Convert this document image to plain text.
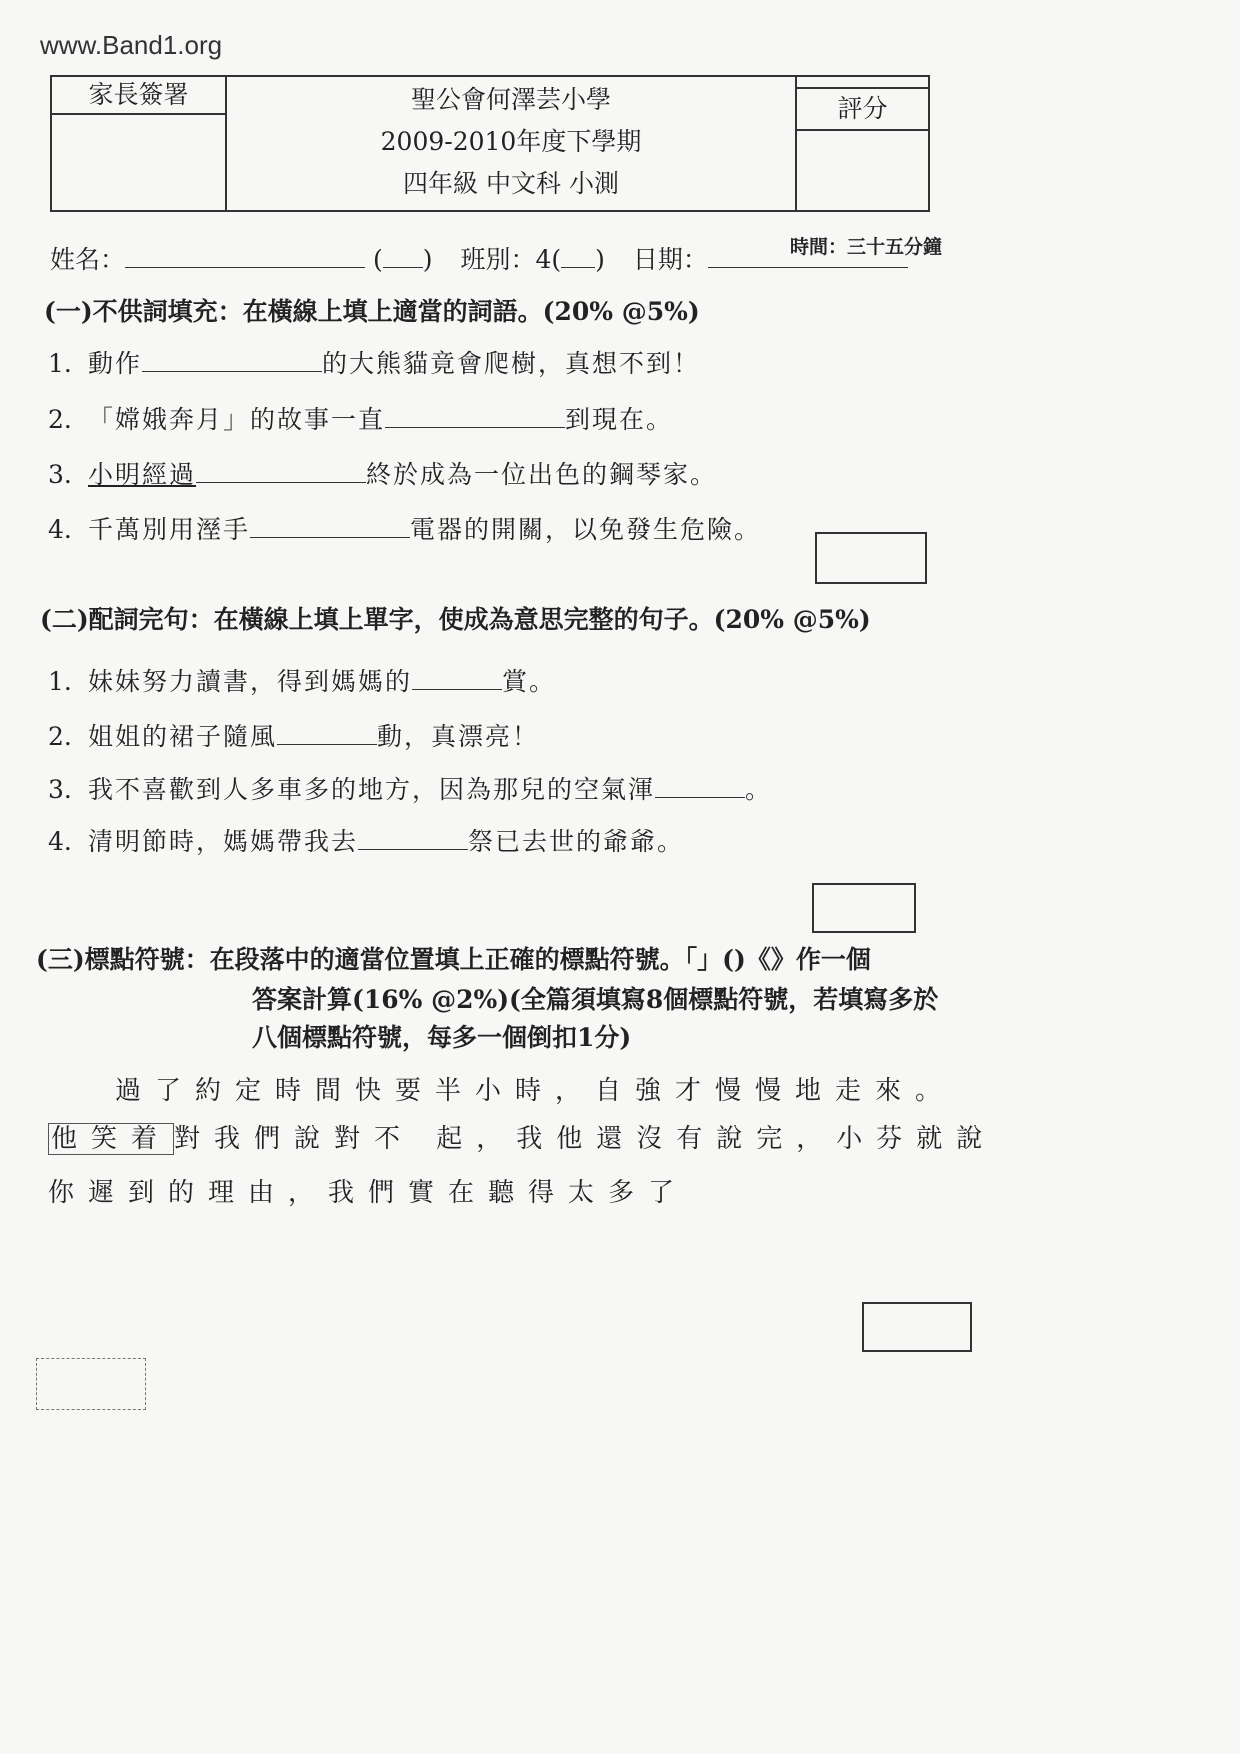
www.Band1.org
家長簽署	聖公會何澤芸小學
2009-2010年度下學期
四年級 中文科 小測
評分
時間：三十五分鐘
姓名：	( ) 班別：4( ) 日期：
(一)不供詞填充：在橫線上填上適當的詞語。(20% @5%)
1. 動作	的大熊貓竟會爬樹，真想不到！
2. 「嫦娥奔月」的故事一直	到現在。
3. 小明經過	終於成為一位出色的鋼琴家。
4. 千萬別用溼手	電器的開關，以免發生危險。
(二)配詞完句：在橫線上填上單字，使成為意思完整的句子。(20% @5%)
1. 妹妹努力讀書，得到媽媽的	賞。
2. 姐姐的裙子隨風	動，真漂亮！
3. 我不喜歡到人多車多的地方，因為那兒的空氣渾	。
4. 清明節時，媽媽帶我去	祭已去世的爺爺。
(三)標點符號：在段落中的適當位置填上正確的標點符號。「」()《》作一個
答案計算(16% @2%)(全篇須填寫8個標點符號，若填寫多於
八個標點符號，每多一個倒扣1分)
過了約定時間快要半小時，自強才慢慢地走來。
他笑着 對我們說對不 起，我他還沒有說完，小芬就說
你遲到的理由，我們實在聽得太多了
